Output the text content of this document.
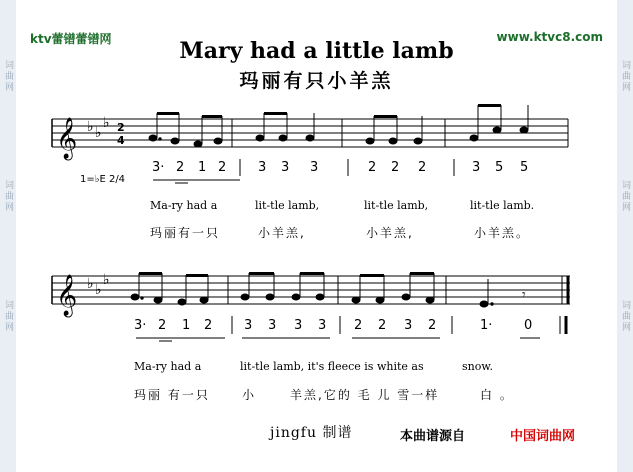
词曲网
词曲网
词曲网
词曲网
词曲网
词曲网
ktv蕾镨蕾镨网	www.ktvc8.com
Mary had a little lamb
玛丽有只小羊羔
𝄞 ♭ ♭
♭ 2
4
𝄞 ♭ ♭
♭
𝄾
1=♭E 2/4
3· 2 1 2 3 3 3	2 2 2	3 5 5
Ma-ry had a	lit-tle lamb,	lit-tle lamb,	lit-tle lamb.
玛丽有一只	小羊羔,	小羊羔,	小羊羔。
3· 2 1 2 3 3 3 3 2 2 3 2	1· 0
Ma-ry had a	lit-tle lamb, it's fleece is white as	snow.
玛丽 有一只	小	羊羔,它的 毛 儿 雪一样	白 。
jingfu 制谱	本曲谱源自	中国词曲网
